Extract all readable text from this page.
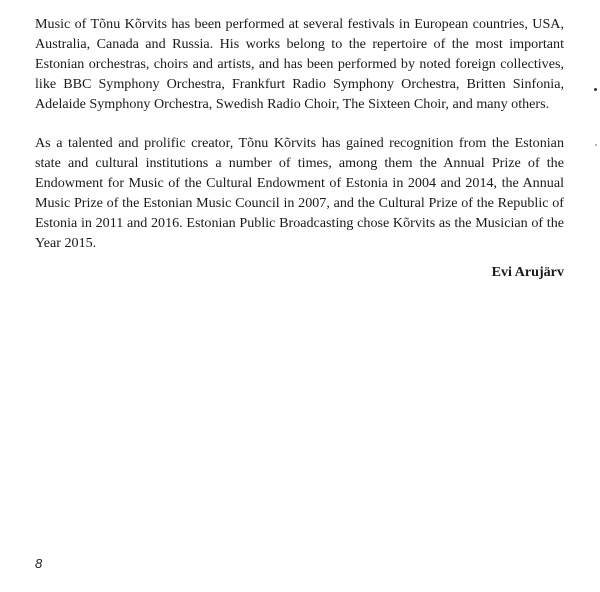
Music of Tõnu Kõrvits has been performed at several festivals in European countries, USA, Australia, Canada and Russia. His works belong to the repertoire of the most important Estonian orchestras, choirs and artists, and has been performed by noted foreign collectives, like BBC Symphony Orchestra, Frankfurt Radio Symphony Orchestra, Britten Sinfonia, Adelaide Symphony Orchestra, Swedish Radio Choir, The Sixteen Choir, and many others.

As a talented and prolific creator, Tõnu Kõrvits has gained recognition from the Estonian state and cultural institutions a number of times, among them the Annual Prize of the Endowment for Music of the Cultural Endowment of Estonia in 2004 and 2014, the Annual Music Prize of the Estonian Music Council in 2007, and the Cultural Prize of the Republic of Estonia in 2011 and 2016. Estonian Public Broadcasting chose Kõrvits as the Musician of the Year 2015.

Evi Arujärv

8
